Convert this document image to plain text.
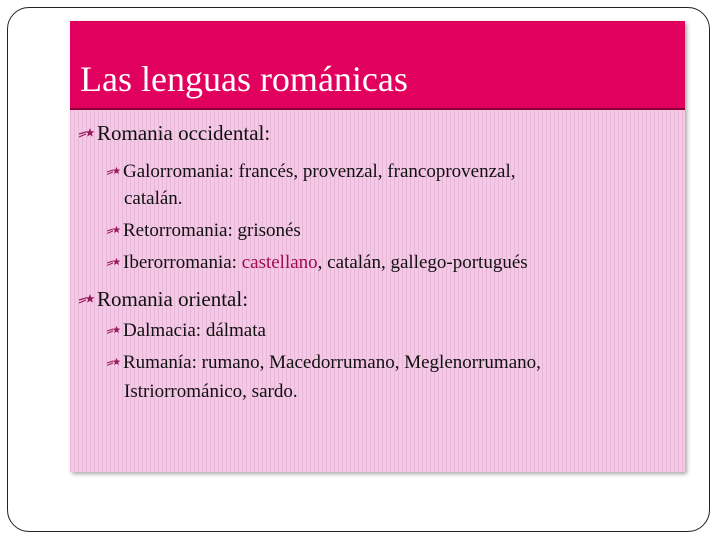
Las lenguas románicas
Romania occidental:
Galorromania: francés, provenzal, francoprovenzal,
catalán.
Retorromania: grisonés
Iberorromania: castellano, catalán, gallego-portugués
Romania oriental:
Dalmacia: dálmata
Rumanía: rumano, Macedorrumano, Meglenorrumano,
Istriorrománico, sardo.
